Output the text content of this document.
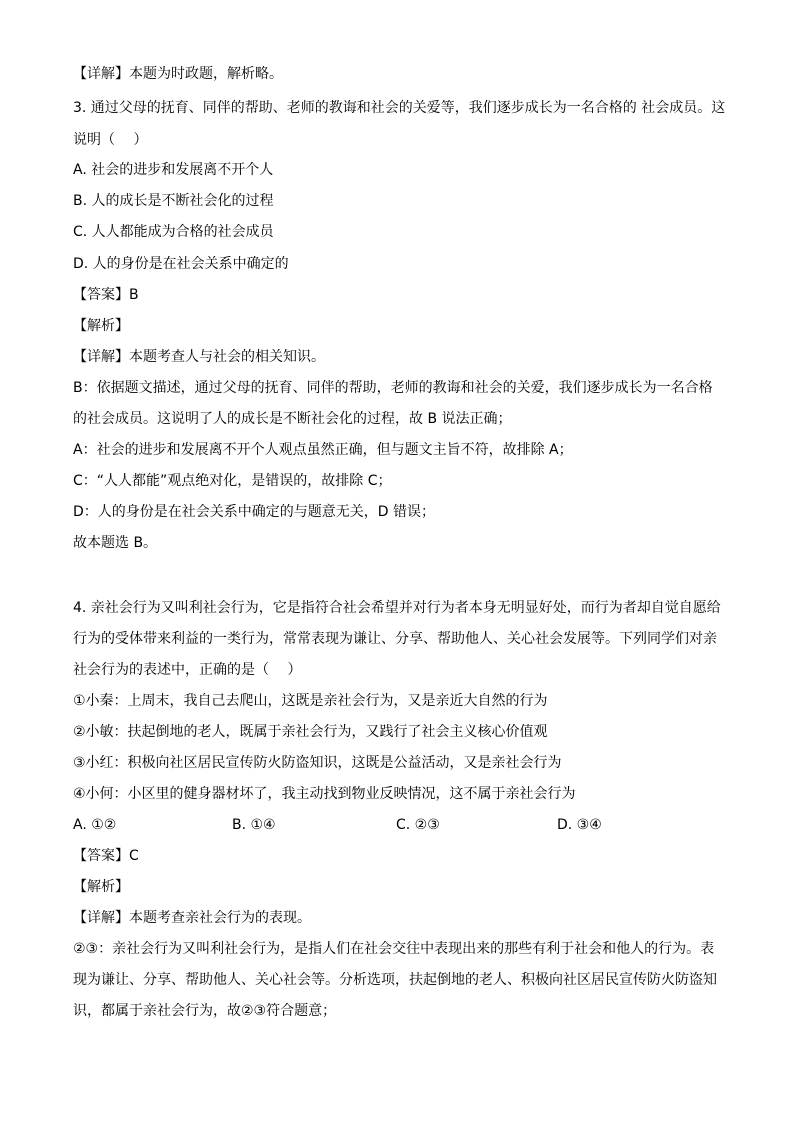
【详解】本题为时政题，解析略。
3. 通过父母的抚育、同伴的帮助、老师的教诲和社会的关爱等，我们逐步成长为一名合格的 社会成员。这
说明（　 ）
A. 社会的进步和发展离不开个人
B. 人的成长是不断社会化的过程
C. 人人都能成为合格的社会成员
D. 人的身份是在社会关系中确定的
【答案】B
【解析】
【详解】本题考查人与社会的相关知识。
B：依据题文描述，通过父母的抚育、同伴的帮助，老师的教诲和社会的关爱，我们逐步成长为一名合格
的社会成员。这说明了人的成长是不断社会化的过程，故 B 说法正确；
A：社会的进步和发展离不开个人观点虽然正确，但与题文主旨不符，故排除 A；
C：“人人都能”观点绝对化，是错误的，故排除 C；
D：人的身份是在社会关系中确定的与题意无关，D 错误；
故本题选 B。
4. 亲社会行为又叫利社会行为，它是指符合社会希望并对行为者本身无明显好处，而行为者却自觉自愿给
行为的受体带来利益的一类行为，常常表现为谦让、分享、帮助他人、关心社会发展等。下列同学们对亲
社会行为的表述中，正确的是（　 ）
①小秦：上周末，我自己去爬山，这既是亲社会行为，又是亲近大自然的行为
②小敏：扶起倒地的老人，既属于亲社会行为，又践行了社会主义核心价值观
③小红：积极向社区居民宣传防火防盗知识，这既是公益活动，又是亲社会行为
④小何：小区里的健身器材坏了，我主动找到物业反映情况，这不属于亲社会行为
A. ①②	B. ①④	C. ②③	D. ③④
【答案】C
【解析】
【详解】本题考查亲社会行为的表现。
②③：亲社会行为又叫利社会行为，是指人们在社会交往中表现出来的那些有利于社会和他人的行为。表
现为谦让、分享、帮助他人、关心社会等。分析选项，扶起倒地的老人、积极向社区居民宣传防火防盗知
识，都属于亲社会行为，故②③符合题意；
